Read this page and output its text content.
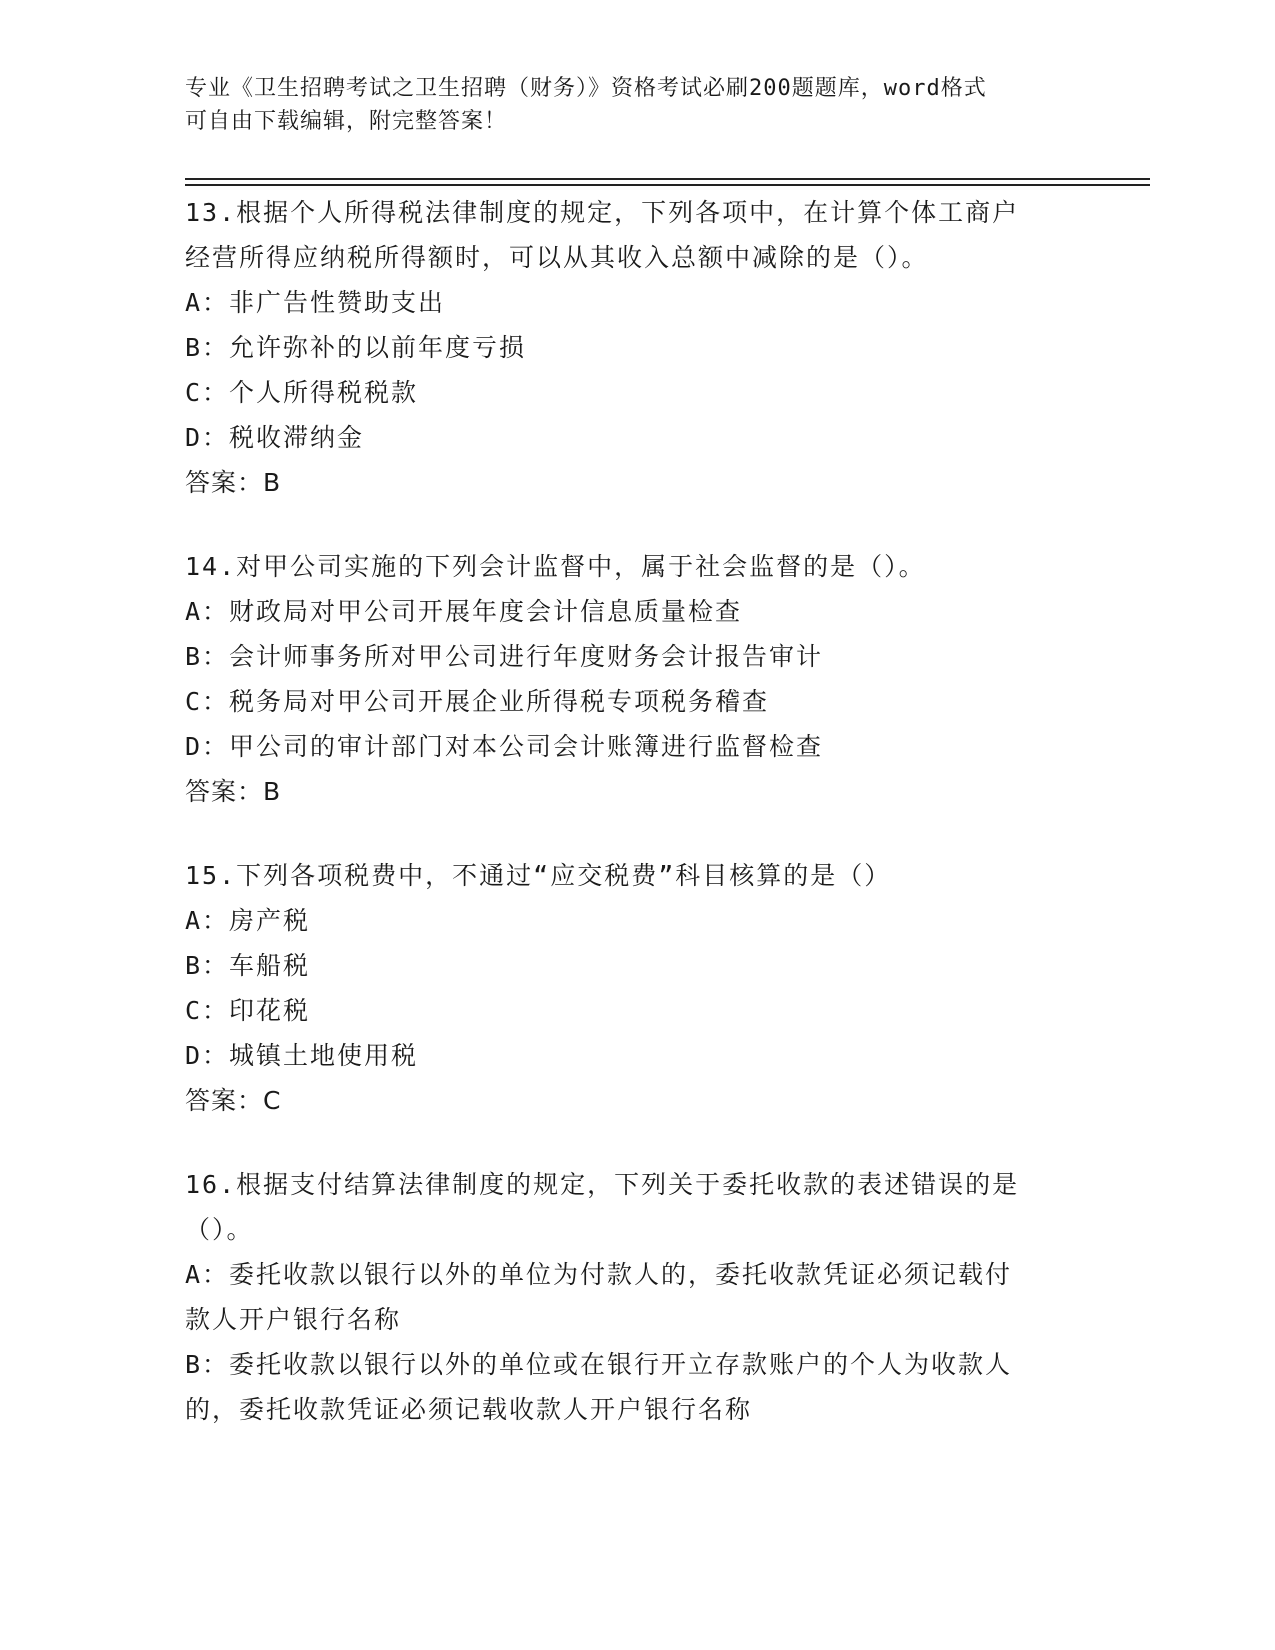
专业《卫生招聘考试之卫生招聘（财务）》资格考试必刷200题题库，word格式
可自由下载编辑，附完整答案！
13.根据个人所得税法律制度的规定，下列各项中，在计算个体工商户
经营所得应纳税所得额时，可以从其收入总额中减除的是（）。
A：非广告性赞助支出
B：允许弥补的以前年度亏损
C：个人所得税税款
D：税收滞纳金
答案：B
14.对甲公司实施的下列会计监督中，属于社会监督的是（）。
A：财政局对甲公司开展年度会计信息质量检查
B：会计师事务所对甲公司进行年度财务会计报告审计
C：税务局对甲公司开展企业所得税专项税务稽查
D：甲公司的审计部门对本公司会计账簿进行监督检查
答案：B
15.下列各项税费中，不通过“应交税费”科目核算的是（）
A：房产税
B：车船税
C：印花税
D：城镇土地使用税
答案：C
16.根据支付结算法律制度的规定，下列关于委托收款的表述错误的是
（）。
A：委托收款以银行以外的单位为付款人的，委托收款凭证必须记载付
款人开户银行名称
B：委托收款以银行以外的单位或在银行开立存款账户的个人为收款人
的，委托收款凭证必须记载收款人开户银行名称
